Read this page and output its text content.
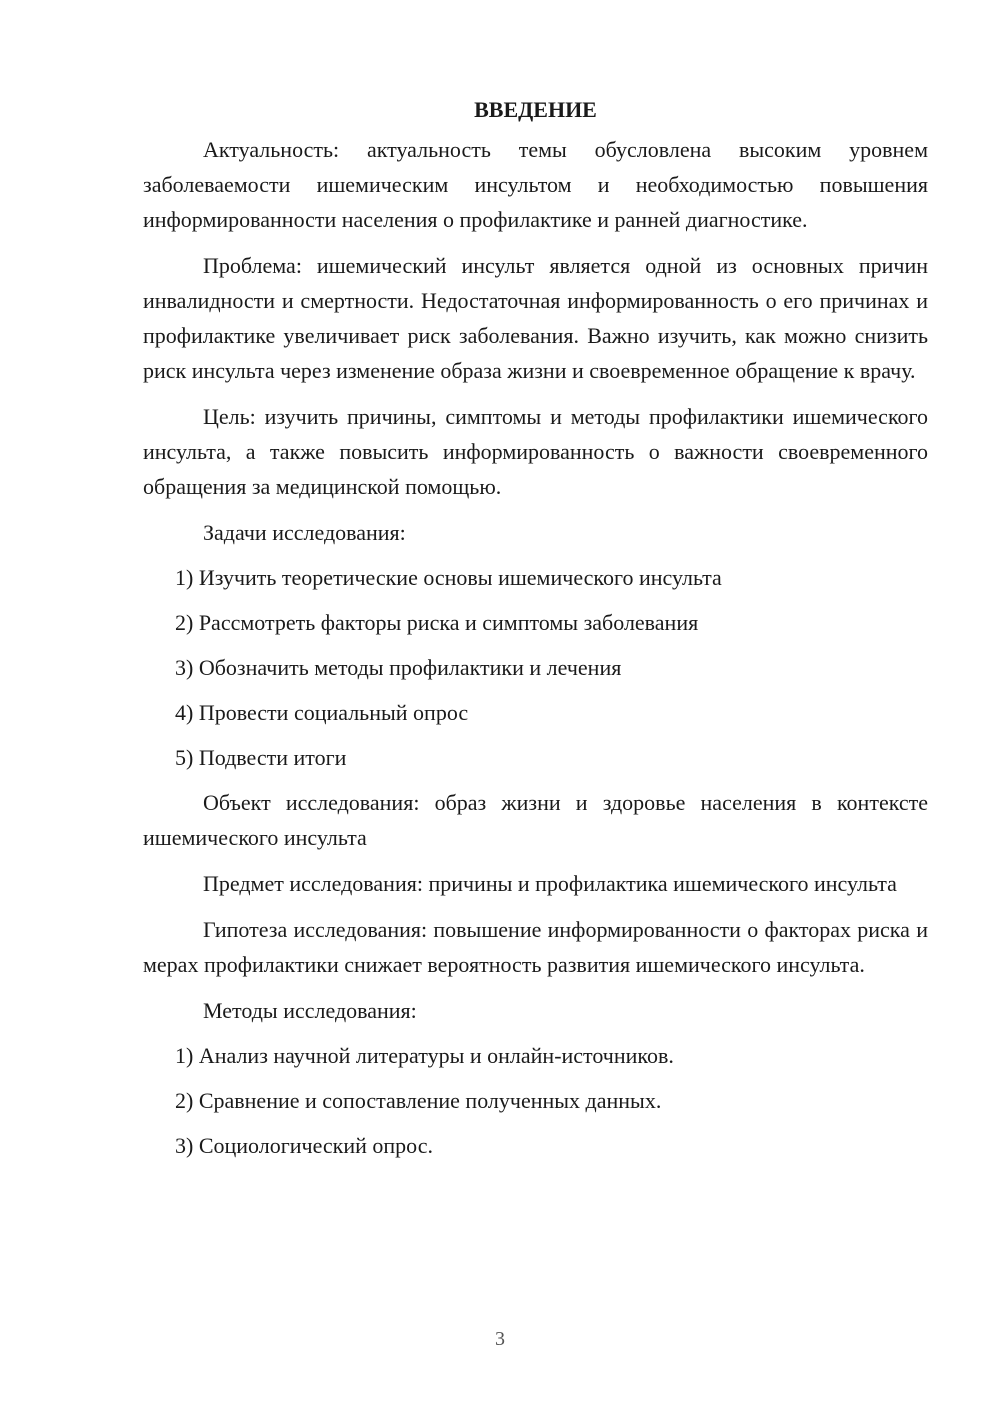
ВВЕДЕНИЕ
Актуальность: актуальность темы обусловлена высоким уровнем заболеваемости ишемическим инсультом и необходимостью повышения информированности населения о профилактике и ранней диагностике.
Проблема: ишемический инсульт является одной из основных причин инвалидности и смертности. Недостаточная информированность о его причинах и профилактике увеличивает риск заболевания. Важно изучить, как можно снизить риск инсульта через изменение образа жизни и своевременное обращение к врачу.
Цель: изучить причины, симптомы и методы профилактики ишемического инсульта, а также повысить информированность о важности своевременного обращения за медицинской помощью.
Задачи исследования:
1) Изучить теоретические основы ишемического инсульта
2) Рассмотреть факторы риска и симптомы заболевания
3) Обозначить методы профилактики и лечения
4) Провести социальный опрос
5) Подвести итоги
Объект исследования: образ жизни и здоровье населения в контексте ишемического инсульта
Предмет исследования: причины и профилактика ишемического инсульта
Гипотеза исследования: повышение информированности о факторах риска и мерах профилактики снижает вероятность развития ишемического инсульта.
Методы исследования:
1) Анализ научной литературы и онлайн-источников.
2) Сравнение и сопоставление полученных данных.
3) Социологический опрос.
3
